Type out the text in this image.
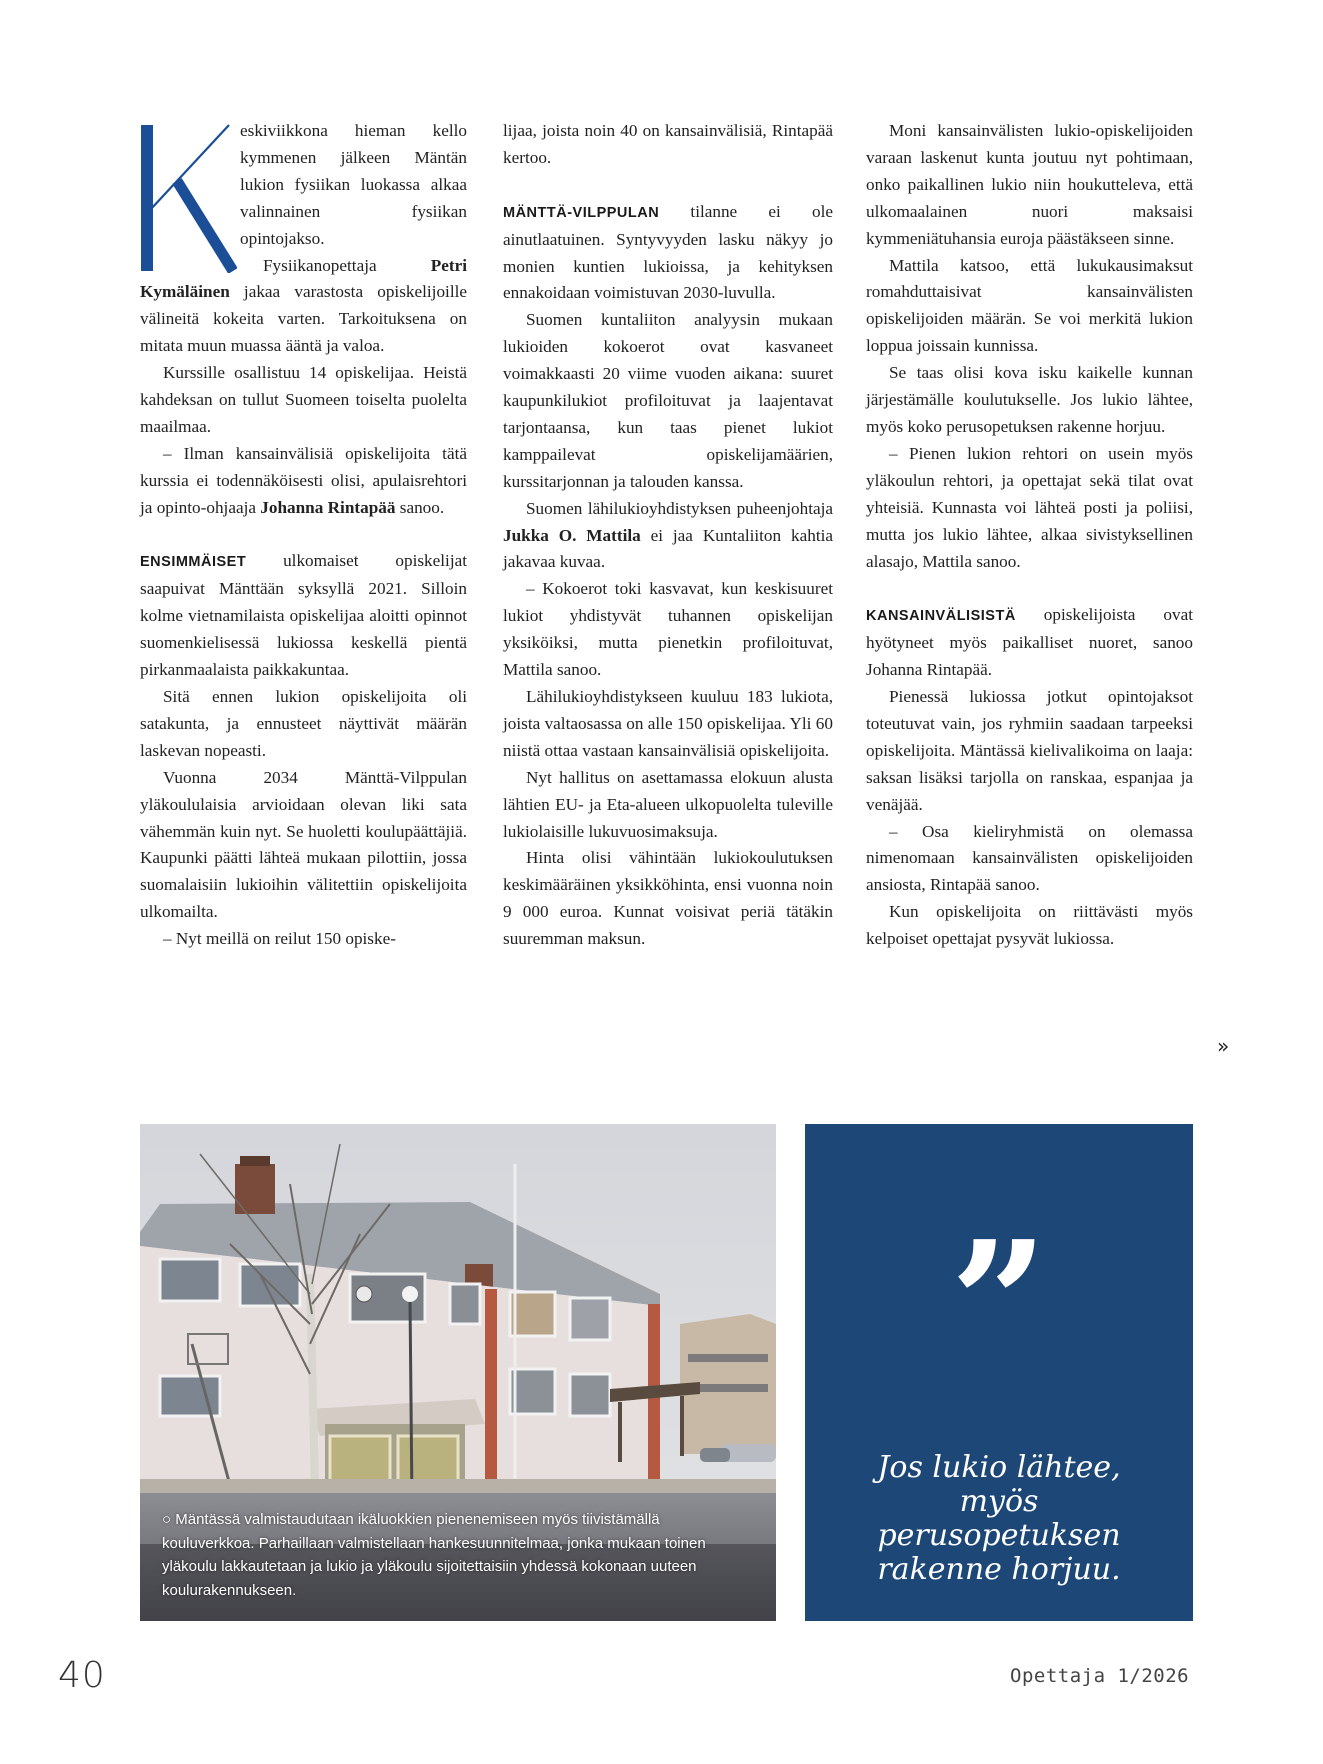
eskiviikkona hieman kello kymmenen jälkeen Mäntän lukion fysiikan luokassa alkaa valinnainen fysiikan opintojakso.

Fysiikanopettaja Petri Kymäläinen jakaa varastosta opiskelijoille välineitä kokeita varten. Tarkoituksena on mitata muun muassa ääntä ja valoa.

Kurssille osallistuu 14 opiskelijaa. Heistä kahdeksan on tullut Suomeen toiselta puolelta maailmaa.

– Ilman kansainvälisiä opiskelijoita tätä kurssia ei todennäköisesti olisi, apulaisrehtori ja opinto-ohjaaja Johanna Rintapää sanoo.

ENSIMMÄISET ulkomaiset opiskelijat saapuivat Mänttään syksyllä 2021. Silloin kolme vietnamilaista opiskelijaa aloitti opinnot suomenkielisessä lukiossa keskellä pientä pirkanmaalaista paikkakuntaa.

Sitä ennen lukion opiskelijoita oli satakunta, ja ennusteet näyttivät määrän laskevan nopeasti.

Vuonna 2034 Mänttä-Vilppulan yläkoululaisia arvioidaan olevan liki sata vähemmän kuin nyt. Se huoletti koulupäättäjiä. Kaupunki päätti lähteä mukaan pilottiin, jossa suomalaisiin lukioihin välitettiin opiskelijoita ulkomailta.

– Nyt meillä on reilut 150 opiske-

lijaa, joista noin 40 on kansainvälisiä, Rintapää kertoo.

MÄNTTÄ-VILPPULAN tilanne ei ole ainutlaatuinen. Syntyvyyden lasku näkyy jo monien kuntien lukioissa, ja kehityksen ennakoidaan voimistuvan 2030-luvulla.

Suomen kuntaliiton analyysin mukaan lukioiden kokoerot ovat kasvaneet voimakkaasti 20 viime vuoden aikana: suuret kaupunkilukiot profiloituvat ja laajentavat tarjontaansa, kun taas pienet lukiot kamppailevat opiskelijamäärien, kurssitarjonnan ja talouden kanssa.

Suomen lähilukioyhdistyksen puheenjohtaja Jukka O. Mattila ei jaa Kuntaliiton kahtia jakavaa kuvaa.

– Kokoerot toki kasvavat, kun keskisuuret lukiot yhdistyvät tuhannen opiskelijan yksiköiksi, mutta pienetkin profiloituvat, Mattila sanoo.

Lähilukioyhdistykseen kuuluu 183 lukiota, joista valtaosassa on alle 150 opiskelijaa. Yli 60 niistä ottaa vastaan kansainvälisiä opiskelijoita.

Nyt hallitus on asettamassa elokuun alusta lähtien EU- ja Eta-alueen ulkopuolelta tuleville lukiolaisille lukuvuosimaksuja.

Hinta olisi vähintään lukiokoulutuksen keskimääräinen yksikköhinta, ensi vuonna noin 9 000 euroa. Kunnat voisivat periä tätäkin suuremman maksun.

Moni kansainvälisten lukio-opiskelijoiden varaan laskenut kunta joutuu nyt pohtimaan, onko paikallinen lukio niin houkutteleva, että ulkomaalainen nuori maksaisi kymmeniätuhansia euroja päästäkseen sinne.

Mattila katsoo, että lukukausimaksut romahduttaisivat kansainvälisten opiskelijoiden määrän. Se voi merkitä lukion loppua joissain kunnissa.

Se taas olisi kova isku kaikelle kunnan järjestämälle koulutukselle. Jos lukio lähtee, myös koko perusopetuksen rakenne horjuu.

– Pienen lukion rehtori on usein myös yläkoulun rehtori, ja opettajat sekä tilat ovat yhteisiä. Kunnasta voi lähteä posti ja poliisi, mutta jos lukio lähtee, alkaa sivistyksellinen alasajo, Mattila sanoo.

KANSAINVÄLISISTÄ opiskelijoista ovat hyötyneet myös paikalliset nuoret, sanoo Johanna Rintapää.

Pienessä lukiossa jotkut opintojaksot toteutuvat vain, jos ryhmiin saadaan tarpeeksi opiskelijoita. Mäntässä kielivalikoima on laaja: saksan lisäksi tarjolla on ranskaa, espanjaa ja venäjää.

– Osa kieliryhmistä on olemassa nimenomaan kansainvälisten opiskelijoiden ansiosta, Rintapää sanoo.

Kun opiskelijoita on riittävästi myös kelpoiset opettajat pysyvät lukiossa.

»
○ Mäntässä valmistaudutaan ikäluokkien pienenemiseen myös tiivistämällä kouluverkkoa. Parhaillaan valmistellaan hankesuunnitelmaa, jonka mukaan toinen yläkoulu lakkautetaan ja lukio ja yläkoulu sijoitettaisiin yhdessä kokonaan uuteen koulurakennukseen.
”
Jos lukio lähtee, myös perusopetuksen rakenne horjuu.
40	Opettaja 1/2026
